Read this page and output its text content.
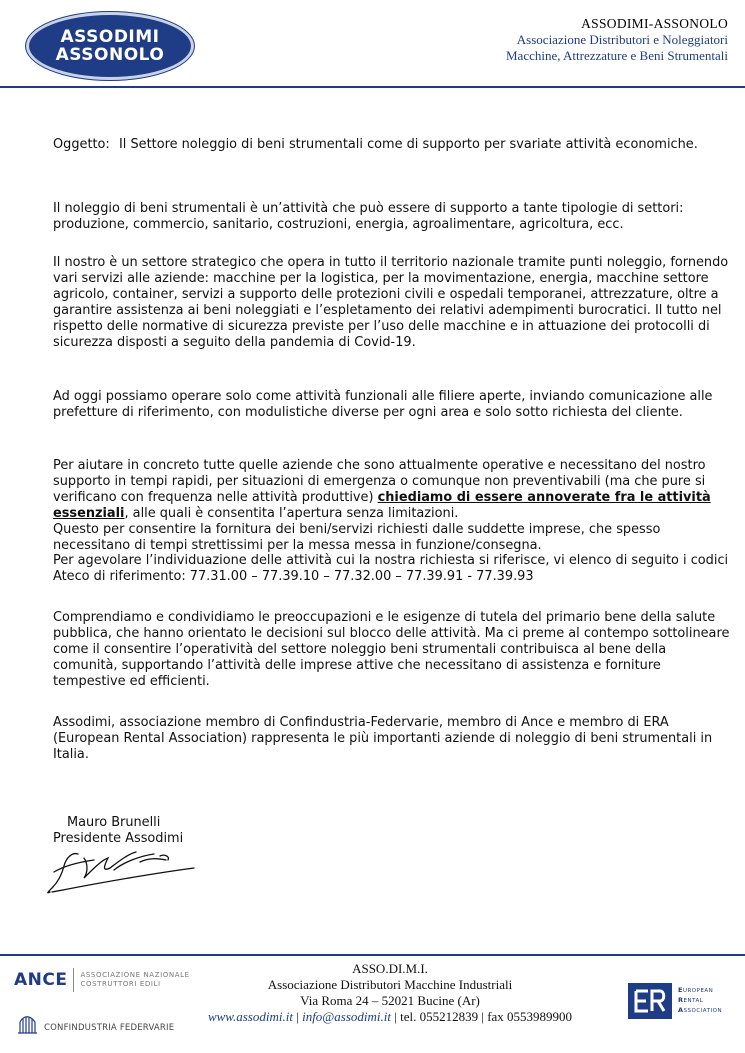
ASSODIMI
ASSONOLO
ASSODIMI-ASSONOLO
Associazione Distributori e Noleggiatori
Macchine, Attrezzature e Beni Strumentali
Oggetto: Il Settore noleggio di beni strumentali come di supporto per svariate attività economiche.

Il noleggio di beni strumentali è un’attività che può essere di supporto a tante tipologie di settori: produzione, commercio, sanitario, costruzioni, energia, agroalimentare, agricoltura, ecc.

Il nostro è un settore strategico che opera in tutto il territorio nazionale tramite punti noleggio, fornendo vari servizi alle aziende: macchine per la logistica, per la movimentazione, energia, macchine settore agricolo, container, servizi a supporto delle protezioni civili e ospedali temporanei, attrezzature, oltre a garantire assistenza ai beni noleggiati e l’espletamento dei relativi adempimenti burocratici. Il tutto nel rispetto delle normative di sicurezza previste per l’uso delle macchine e in attuazione dei protocolli di sicurezza disposti a seguito della pandemia di Covid-19.

Ad oggi possiamo operare solo come attività funzionali alle filiere aperte, inviando comunicazione alle prefetture di riferimento, con modulistiche diverse per ogni area e solo sotto richiesta del cliente.

Per aiutare in concreto tutte quelle aziende che sono attualmente operative e necessitano del nostro supporto in tempi rapidi, per situazioni di emergenza o comunque non preventivabili (ma che pure si verificano con frequenza nelle attività produttive) chiediamo di essere annoverate fra le attività essenziali, alle quali è consentita l’apertura senza limitazioni.

Questo per consentire la fornitura dei beni/servizi richiesti dalle suddette imprese, che spesso necessitano di tempi strettissimi per la messa messa in funzione/consegna.

Per agevolare l’individuazione delle attività cui la nostra richiesta si riferisce, vi elenco di seguito i codici Ateco di riferimento: 77.31.00 – 77.39.10 – 77.32.00 – 77.39.91 - 77.39.93

Comprendiamo e condividiamo le preoccupazioni e le esigenze di tutela del primario bene della salute pubblica, che hanno orientato le decisioni sul blocco delle attività. Ma ci preme al contempo sottolineare come il consentire l’operatività del settore noleggio beni strumentali contribuisca al bene della comunità, supportando l’attività delle imprese attive che necessitano di assistenza e forniture tempestive ed efficienti.

Assodimi, associazione membro di Confindustria-Federvarie, membro di Ance e membro di ERA (European Rental Association) rappresenta le più importanti aziende di noleggio di beni strumentali in Italia.

Mauro Brunelli
Presidente Assodimi
ANCE ASSOCIAZIONE NAZIONALE
COSTRUTTORI EDILI
CONFINDUSTRIA FEDERVARIE
ASSO.DI.M.I.
Associazione Distributori Macchine Industriali
Via Roma 24 – 52021 Bucine (Ar)
www.assodimi.it | info@assodimi.it | tel. 055212839 | fax 0553989900
EUROPEAN
RENTAL
ASSOCIATION
